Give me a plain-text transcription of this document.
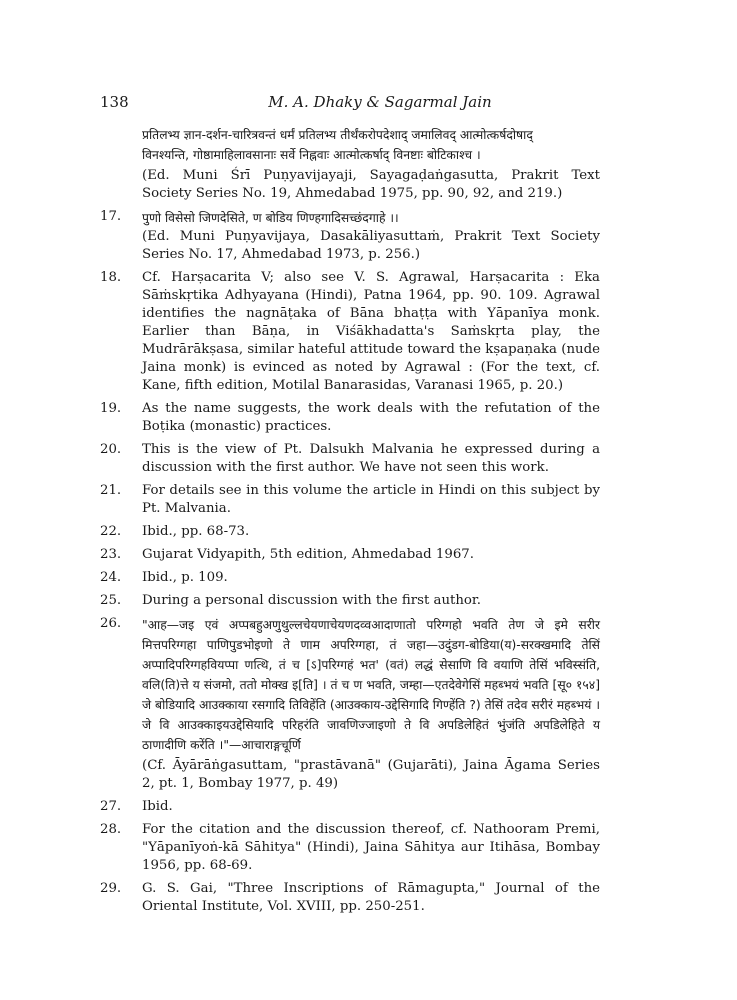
138	M. A. Dhaky & Sagarmal Jain
प्रतिलभ्य ज्ञान-दर्शन-चारित्रवन्तं धर्मं प्रतिलभ्य तीर्थंकरोपदेशाद् जमालिवद् आत्मोत्कर्षदोषाद्
विनश्यन्ति, गोष्ठामाहिलावसानाः सर्वे निह्नवाः आत्मोत्कर्षाद् विनष्टाः बोटिकाश्च ।
(Ed. Muni Śrī Puṇyavijayaji, Sayagaḍaṅgasutta, Prakrit Text Society Series No. 19, Ahmedabad 1975, pp. 90, 92, and 219.)
17.	पुणो विसेसो जिणदेसिते, ण बोडिय णिण्हगादिसच्छंदगाहे ।।
(Ed. Muni Puṇyavijaya, Dasakāliyasuttaṁ, Prakrit Text Society Series No. 17, Ahmedabad 1973, p. 256.)
18.	Cf. Harṣacarita V; also see V. S. Agrawal, Harṣacarita : Eka Sāṁskṛtika Adhyayana (Hindi), Patna 1964, pp. 90. 109. Agrawal identifies the nagnāṭaka of Bāna bhaṭṭa with Yāpanīya monk. Earlier than Bāṇa, in Viśākhadatta's Saṁskṛta play, the Mudrārākṣasa, similar hateful attitude toward the kṣapaṇaka (nude Jaina monk) is evinced as noted by Agrawal : (For the text, cf. Kane, fifth edition, Motilal Banarasidas, Varanasi 1965, p. 20.)
19.	As the name suggests, the work deals with the refutation of the Boṭika (monastic) practices.
20.	This is the view of Pt. Dalsukh Malvania he expressed during a discussion with the first author. We have not seen this work.
21.	For details see in this volume the article in Hindi on this subject by Pt. Malvania.
22.	Ibid., pp. 68-73.
23.	Gujarat Vidyapith, 5th edition, Ahmedabad 1967.
24.	Ibid., p. 109.
25.	During a personal discussion with the first author.
26.	"आह—जइ एवं अप्पबहुअणुथुल्लचेयणाचेयणदव्वआदाणातो परिग्गहो भवति तेण जे इमे सरीर मित्तपरिग्गहा पाणिपुडभोइणो ते णाम अपरिग्गहा, तं जहा—उदुंडग-बोडिया(य)-सरक्खमादि तेसिं अप्पादिपरिग्गहवियप्पा णत्थि, तं च [ऽ]परिग्गहं भत' (वतं) लद्धं सेसाणि वि वयाणि तेसिं भविस्संति, वलि(ति)त्ते य संजमो, ततो मोक्ख इ[ति] । तं च ण भवति, जम्हा—एतदेवेगेसिं महब्भयं भवति [सू० १५४] जे बोडियादि आउक्काया रसगादि तिविहेंति (आउक्काय-उद्देसिगादि गिण्हेंति ?) तेसिं तदेव सरीरं महब्भयं । जे वि आउक्काइयउद्देसियादि परिहरंति जावणिज्जाइणो ते वि अपडिलेहितं भुंजंति अपडिलेहिते य ठाणादीणि करेंति ।"—आचाराङ्गचूर्णि
(Cf. Āyārāṅgasuttam, "prastāvanā" (Gujarāti), Jaina Āgama Series 2, pt. 1, Bombay 1977, p. 49)
27.	Ibid.
28.	For the citation and the discussion thereof, cf. Nathooram Premi, "Yāpanīyoṅ-kā Sāhitya" (Hindi), Jaina Sāhitya aur Itihāsa, Bombay 1956, pp. 68-69.
29.	G. S. Gai, "Three Inscriptions of Rāmagupta," Journal of the Oriental Institute, Vol. XVIII, pp. 250-251.
